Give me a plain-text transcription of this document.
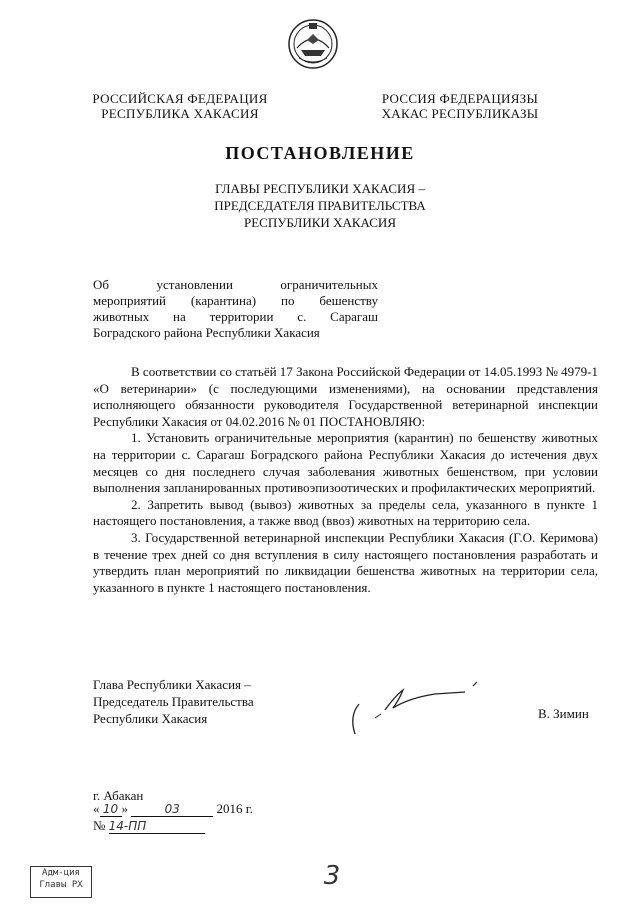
РОССИЙСКАЯ ФЕДЕРАЦИЯ
РЕСПУБЛИКА ХАКАСИЯ
РОССИЯ ФЕДЕРАЦИЯЗЫ
ХАКАС РЕСПУБЛИКАЗЫ
ПОСТАНОВЛЕНИЕ
ГЛАВЫ РЕСПУБЛИКИ ХАКАСИЯ –
ПРЕДСЕДАТЕЛЯ ПРАВИТЕЛЬСТВА
РЕСПУБЛИКИ ХАКАСИЯ
Об установлении ограничительных
мероприятий (карантина) по бешенству
животных на территории с. Сарагаш
Боградского района Республики Хакасия

В соответствии со статьёй 17 Закона Российской Федерации от 14.05.1993 № 4979-1 «О ветеринарии» (с последующими изменениями), на основании представления исполняющего обязанности руководителя Государственной ветеринарной инспекции Республики Хакасия от 04.02.2016 № 01 ПОСТАНОВЛЯЮ:

1. Установить ограничительные мероприятия (карантин) по бешенству животных на территории с. Сарагаш Боградского района Республики Хакасия до истечения двух месяцев со дня последнего случая заболевания животных бешенством, при условии выполнения запланированных противоэпизоотических и профилактических мероприятий.

2. Запретить вывод (вывоз) животных за пределы села, указанного в пункте 1 настоящего постановления, а также ввод (ввоз) животных на территорию села.

3. Государственной ветеринарной инспекции Республики Хакасия (Г.О. Керимова) в течение трех дней со дня вступления в силу настоящего постановления разработать и утвердить план мероприятий по ликвидации бешенства животных на территории села, указанного в пункте 1 настоящего постановления.

Глава Республики Хакасия –
Председатель Правительства
Республики Хакасия	В. Зимин
г. Абакан
« 10 »	03	2016 г.
№ 14-ПП
Адм-ция
Главы РХ	3
